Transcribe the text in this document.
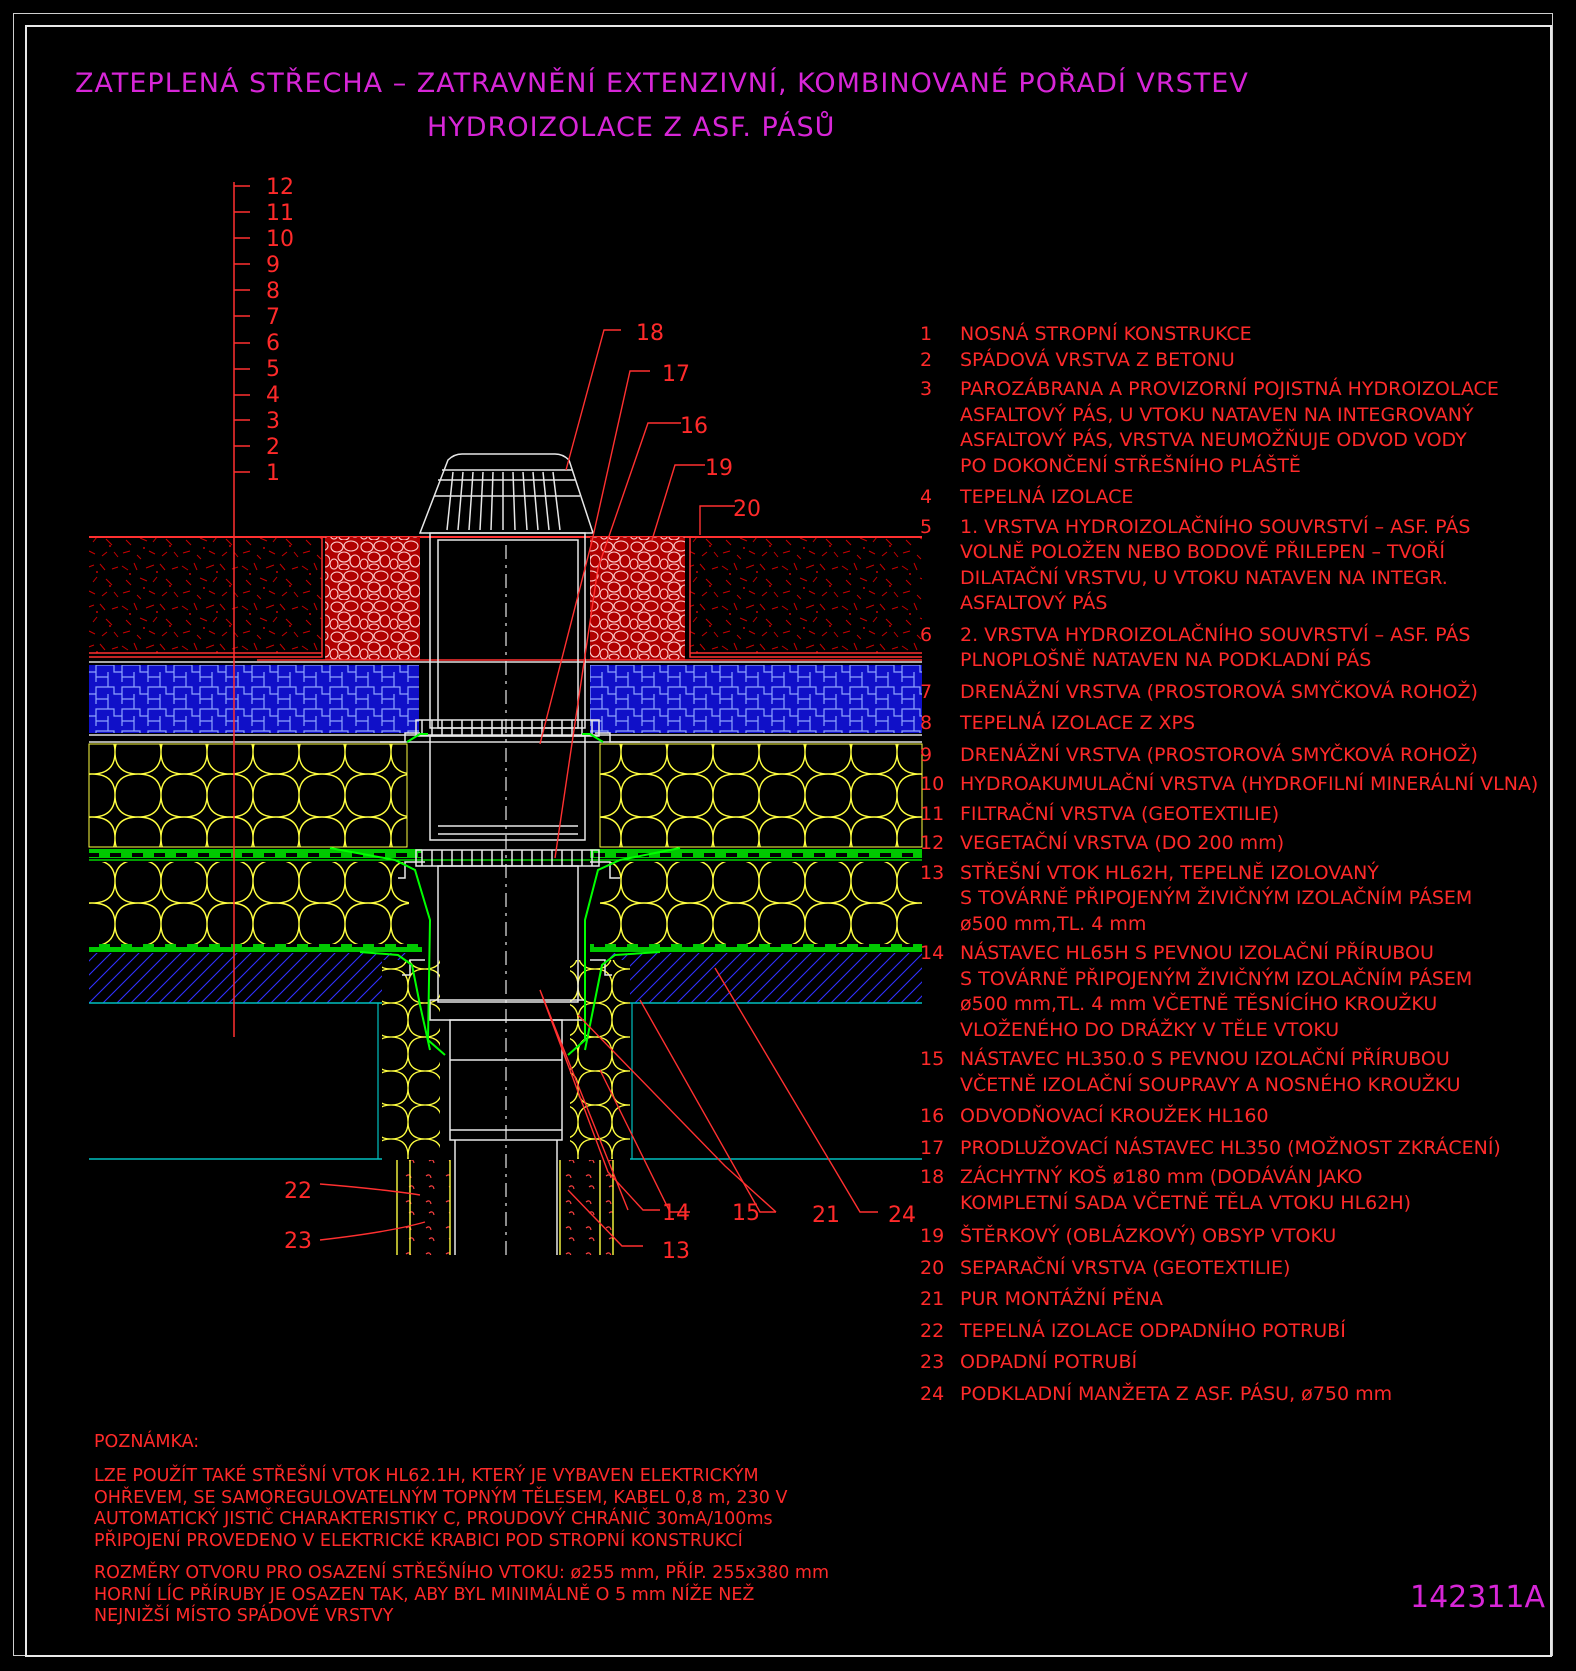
ZATEPLENÁ STŘECHA – ZATRAVNĚNÍ EXTENZIVNÍ, KOMBINOVANÉ POŘADÍ VRSTEV
HYDROIZOLACE Z ASF. PÁSŮ
12
11
10
9
8
7
6
5
4
3
2
1
18
17
16
19
20
22
23
14 15 21 24
13
1	NOSNÁ STROPNÍ KONSTRUKCE
2	SPÁDOVÁ VRSTVA Z BETONU
3	PAROZÁBRANA A PROVIZORNÍ POJISTNÁ HYDROIZOLACE
ASFALTOVÝ PÁS, U VTOKU NATAVEN NA INTEGROVANÝ
ASFALTOVÝ PÁS, VRSTVA NEUMOŽŇUJE ODVOD VODY
PO DOKONČENÍ STŘEŠNÍHO PLÁŠTĚ
4	TEPELNÁ IZOLACE
5	1. VRSTVA HYDROIZOLAČNÍHO SOUVRSTVÍ – ASF. PÁS
VOLNĚ POLOŽEN NEBO BODOVĚ PŘILEPEN – TVOŘÍ
DILATAČNÍ VRSTVU, U VTOKU NATAVEN NA INTEGR.
ASFALTOVÝ PÁS
6	2. VRSTVA HYDROIZOLAČNÍHO SOUVRSTVÍ – ASF. PÁS
PLNOPLOŠNĚ NATAVEN NA PODKLADNÍ PÁS
7	DRENÁŽNÍ VRSTVA (PROSTOROVÁ SMYČKOVÁ ROHOŽ)
8	TEPELNÁ IZOLACE Z XPS
9	DRENÁŽNÍ VRSTVA (PROSTOROVÁ SMYČKOVÁ ROHOŽ)
10 HYDROAKUMULAČNÍ VRSTVA (HYDROFILNÍ MINERÁLNÍ VLNA)
11 FILTRAČNÍ VRSTVA (GEOTEXTILIE)
12 VEGETAČNÍ VRSTVA (DO 200 mm)
13 STŘEŠNÍ VTOK HL62H, TEPELNĚ IZOLOVANÝ
S TOVÁRNĚ PŘIPOJENÝM ŽIVIČNÝM IZOLAČNÍM PÁSEM
ø500 mm,TL. 4 mm
14 NÁSTAVEC HL65H S PEVNOU IZOLAČNÍ PŘÍRUBOU
S TOVÁRNĚ PŘIPOJENÝM ŽIVIČNÝM IZOLAČNÍM PÁSEM
ø500 mm,TL. 4 mm VČETNĚ TĚSNÍCÍHO KROUŽKU
VLOŽENÉHO DO DRÁŽKY V TĚLE VTOKU
15 NÁSTAVEC HL350.0 S PEVNOU IZOLAČNÍ PŘÍRUBOU
VČETNĚ IZOLAČNÍ SOUPRAVY A NOSNÉHO KROUŽKU
16 ODVODŇOVACÍ KROUŽEK HL160
17 PRODLUŽOVACÍ NÁSTAVEC HL350 (MOŽNOST ZKRÁCENÍ)
18 ZÁCHYTNÝ KOŠ ø180 mm (DODÁVÁN JAKO
KOMPLETNÍ SADA VČETNĚ TĚLA VTOKU HL62H)
19 ŠTĚRKOVÝ (OBLÁZKOVÝ) OBSYP VTOKU
20 SEPARAČNÍ VRSTVA (GEOTEXTILIE)
21 PUR MONTÁŽNÍ PĚNA
22 TEPELNÁ IZOLACE ODPADNÍHO POTRUBÍ
23 ODPADNÍ POTRUBÍ
24 PODKLADNÍ MANŽETA Z ASF. PÁSU, ø750 mm
POZNÁMKA:
LZE POUŽÍT TAKÉ STŘEŠNÍ VTOK HL62.1H, KTERÝ JE VYBAVEN ELEKTRICKÝM
OHŘEVEM, SE SAMOREGULOVATELNÝM TOPNÝM TĚLESEM, KABEL 0,8 m, 230 V
AUTOMATICKÝ JISTIČ CHARAKTERISTIKY C, PROUDOVÝ CHRÁNIČ 30mA/100ms
PŘIPOJENÍ PROVEDENO V ELEKTRICKÉ KRABICI POD STROPNÍ KONSTRUKCÍ
ROZMĚRY OTVORU PRO OSAZENÍ STŘEŠNÍHO VTOKU: ø255 mm, PŘÍP. 255x380 mm
HORNÍ LÍC PŘÍRUBY JE OSAZEN TAK, ABY BYL MINIMÁLNĚ O 5 mm NÍŽE NEŽ
NEJNIŽŠÍ MÍSTO SPÁDOVÉ VRSTVY
142311A
